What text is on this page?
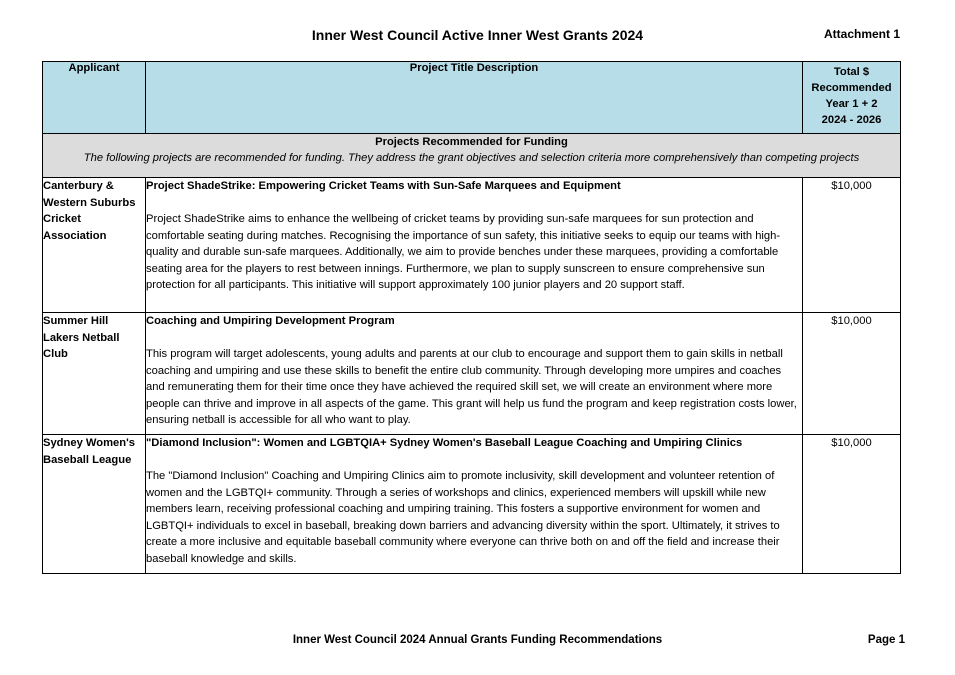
Inner West Council Active Inner West Grants 2024	Attachment 1
Applicant	Project Title Description	Total $
Recommended
Year 1 + 2
2024 - 2026

Projects Recommended for Funding
The following projects are recommended for funding. They address the grant objectives and selection criteria more comprehensively than competing projects		

Canterbury & Western Suburbs Cricket Association	Project ShadeStrike: Empowering Cricket Teams with Sun-Safe Marquees and Equipment
Project ShadeStrike aims to enhance the wellbeing of cricket teams by providing sun-safe marquees for sun protection and comfortable seating during matches. Recognising the importance of sun safety, this initiative seeks to equip our teams with high-quality and durable sun-safe marquees. Additionally, we aim to provide benches under these marquees, providing a comfortable seating area for the players to rest between innings. Furthermore, we plan to supply sunscreen to ensure comprehensive sun protection for all participants. This initiative will support approximately 100 junior players and 20 support staff.	$10,000
Summer Hill Lakers Netball Club	Coaching and Umpiring Development Program
This program will target adolescents, young adults and parents at our club to encourage and support them to gain skills in netball coaching and umpiring and use these skills to benefit the entire club community. Through developing more umpires and coaches and remunerating them for their time once they have achieved the required skill set, we will create an environment where more people can thrive and improve in all aspects of the game. This grant will help us fund the program and keep registration costs lower, ensuring netball is accessible for all who want to play.	$10,000
Sydney Women's Baseball League	"Diamond Inclusion": Women and LGBTQIA+ Sydney Women's Baseball League Coaching and Umpiring Clinics
The "Diamond Inclusion" Coaching and Umpiring Clinics aim to promote inclusivity, skill development and volunteer retention of women and the LGBTQI+ community. Through a series of workshops and clinics, experienced members will upskill while new members learn, receiving professional coaching and umpiring training. This fosters a supportive environment for women and LGBTQI+ individuals to excel in baseball, breaking down barriers and advancing diversity within the sport. Ultimately, it strives to create a more inclusive and equitable baseball community where everyone can thrive both on and off the field and increase their baseball knowledge and skills.	$10,000
Inner West Council 2024 Annual Grants Funding Recommendations	Page 1
